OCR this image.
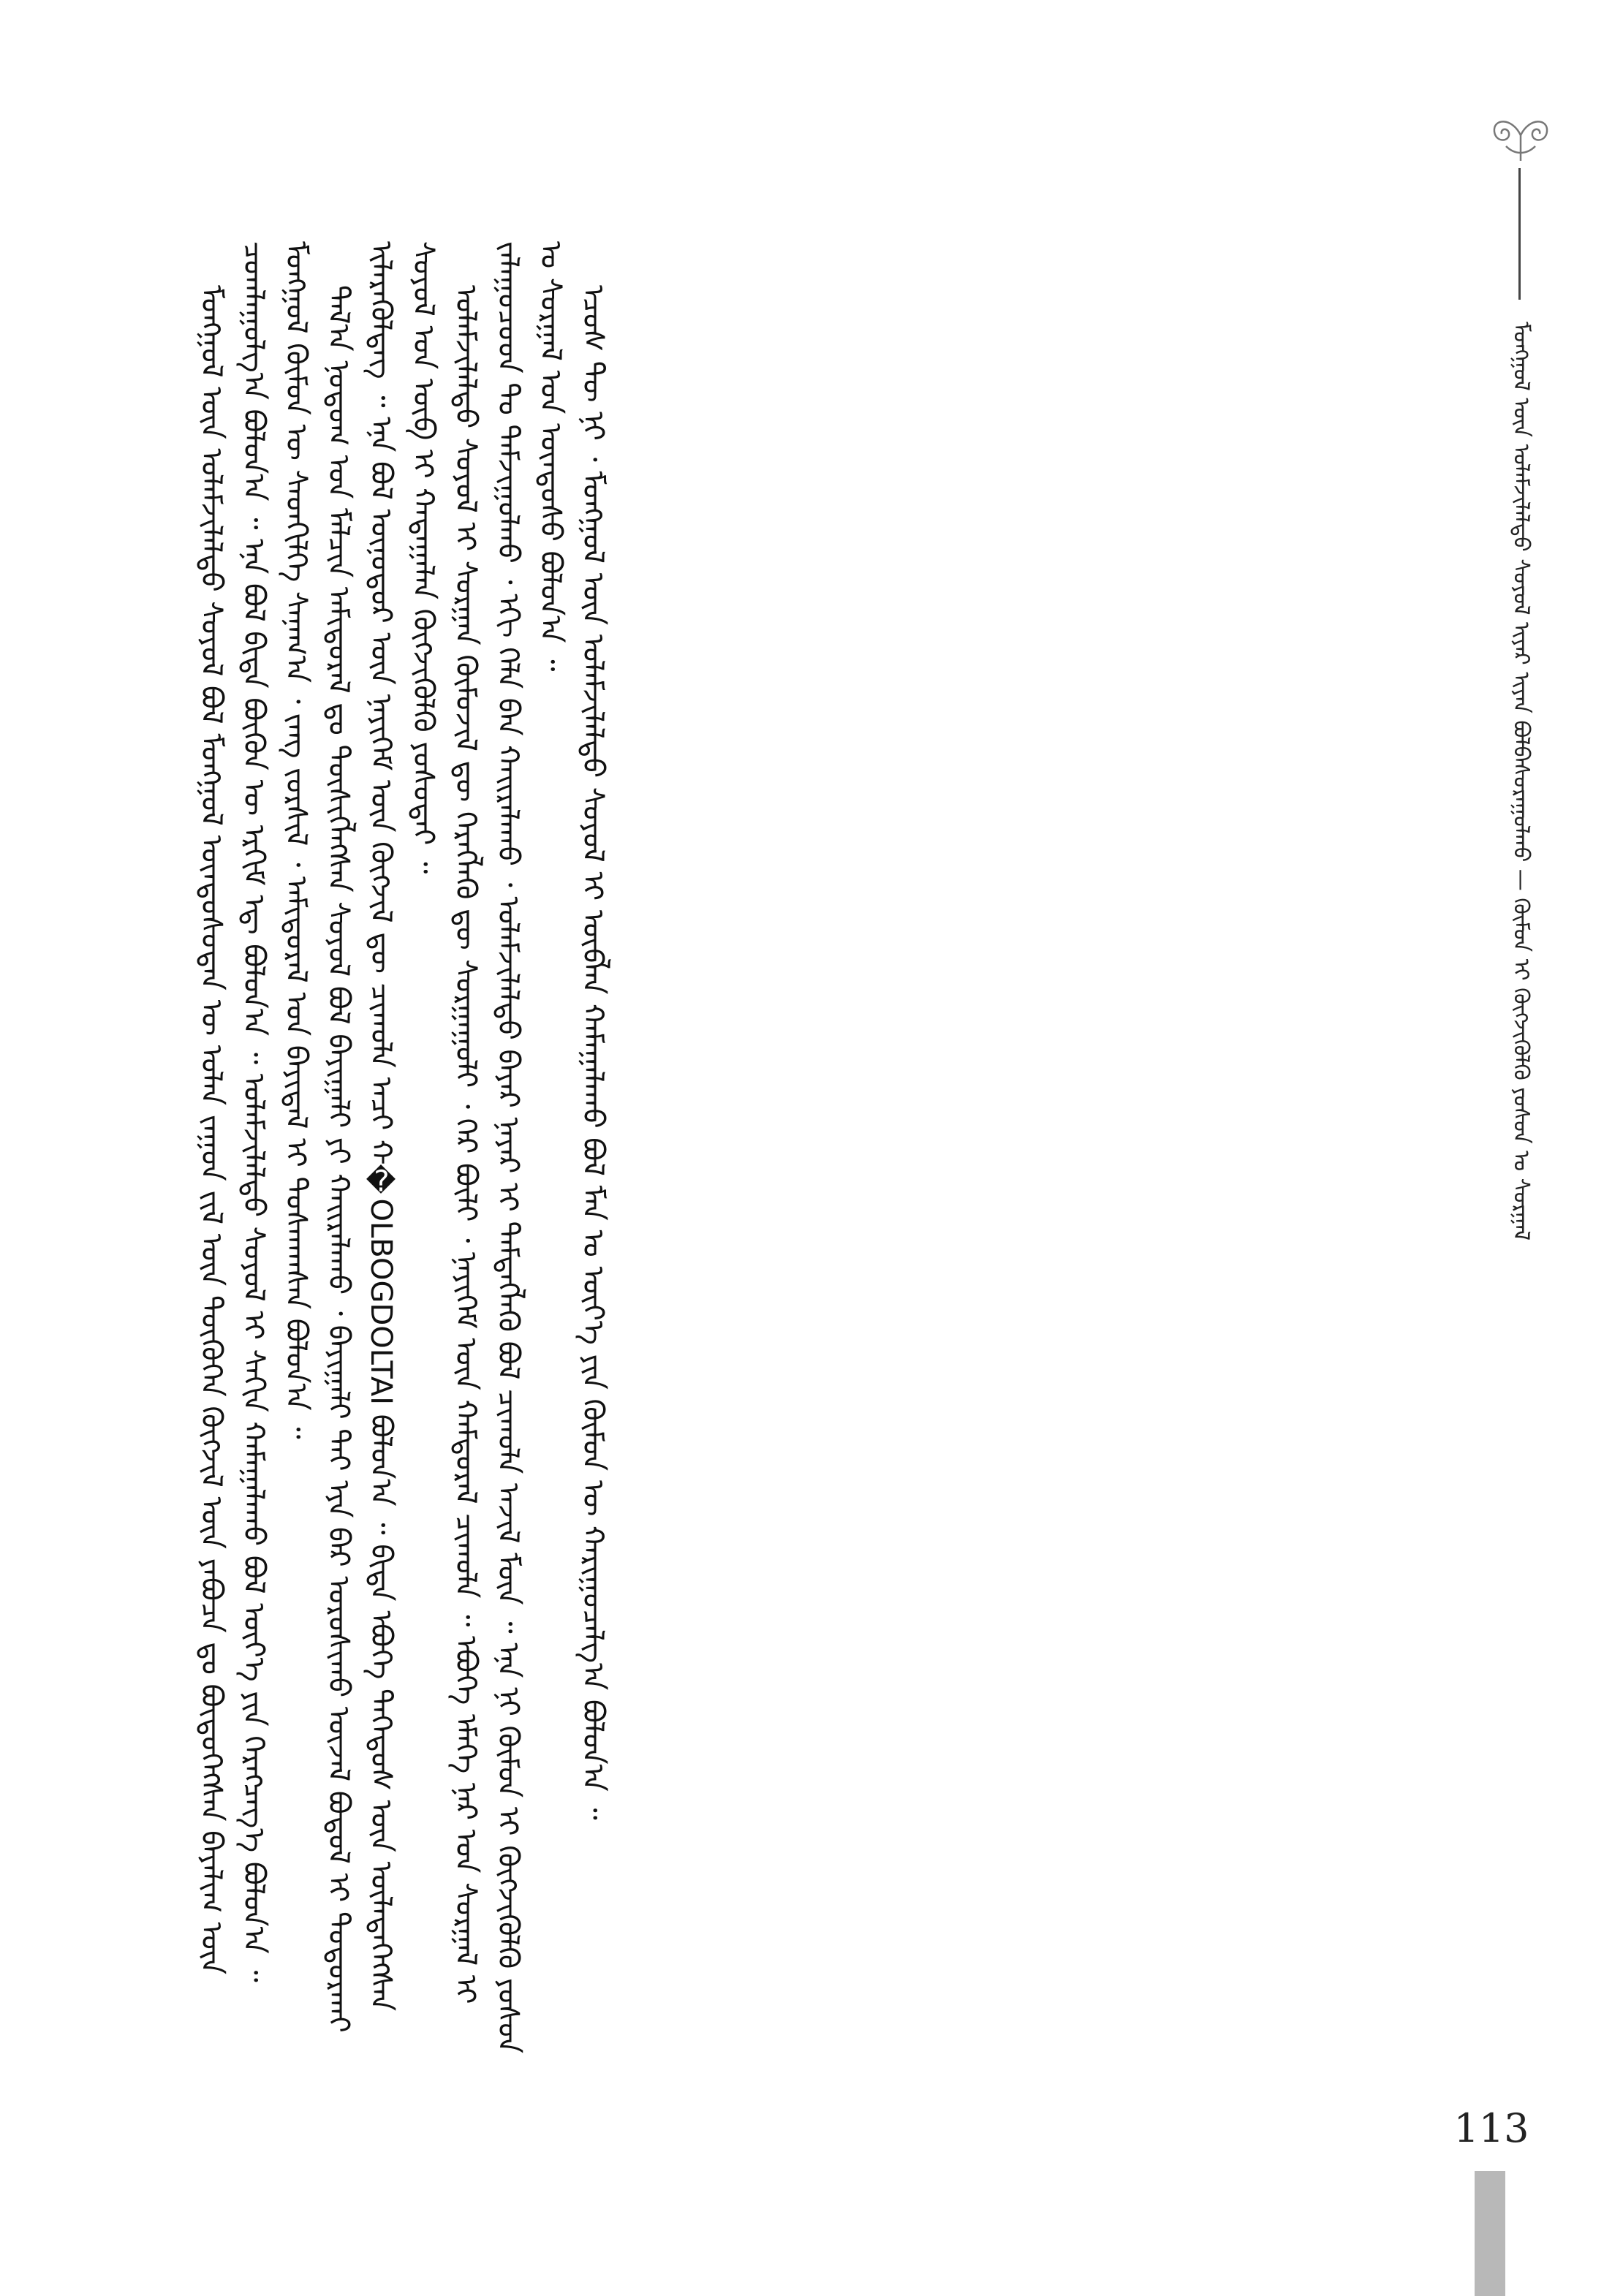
ᠮᠣᠩᠭᠣᠯ ᠦᠨ ᠤᠯᠠᠮᠵᠢᠯᠠᠯᠲᠤ ᠰᠣᠶᠣᠯ ᠢᠶᠠᠷ ᠢᠶᠠᠨ ᠪᠣᠯᠪᠠᠰᠤᠷᠠᠭᠤᠯᠬᠤ — ᠬᠦᠮᠦᠨ ᠢ ᠬᠥᠭᠵᠢᠭᠦᠯᠬᠦ ᠶᠣᠰᠣᠨ ᠤ ᠰᠤᠷᠭᠠᠯ

ᠮᠣᠩᠭᠣᠯ ᠦᠨ ᠤᠯᠠᠮᠵᠢᠯᠠᠯᠲᠤ ᠰᠣᠶᠣᠯ ᠪᠣᠯ ᠮᠣᠩᠭᠣᠯ ᠦᠨᠳᠦᠰᠦᠲᠡᠨ ᠦ ᠣᠯᠠᠨ ᠵᠠᠭᠤᠨ ᠵᠢᠯ ᠦᠨ ᠲᠦᠭᠦᠬᠡᠨ ᠬᠥᠭᠵᠢᠯ ᠦᠨ ᠶᠠᠪᠤᠴᠠ ᠳᠤ ᠪᠦᠲᠦᠭᠡᠭᠰᠡᠨ ᠪᠠᠶᠠᠯᠢᠭ ᠦᠨ ᠴᠤᠭᠯᠠᠭᠤᠯᠭ᠎ᠠ ᠪᠣᠯᠤᠨ᠎ᠠ ᠃ ᠡᠨᠡ ᠪᠣᠯ ᠪᠢᠳᠡ ᠪᠦᠬᠦᠨ ᠦ ᠡᠷᠬᠢᠮ ᠡᠳ᠋ ᠪᠣᠯᠤᠨ᠎ᠠ ᠃ ᠤᠯᠠᠮᠵᠢᠯᠠᠯᠲᠤ ᠰᠣᠶᠣᠯ ᠢ ᠰᠠᠬᠢᠨ ᠬᠠᠮᠠᠭᠠᠯᠠᠬᠤ ᠪᠣᠯ ᠦᠶ᠎ᠡ ᠶᠢᠨ ᠬᠡᠷᠡᠭᠴᠡᠭ᠎ᠡ ᠪᠣᠯᠤᠨ᠎ᠠ ᠃ ᠮᠣᠩᠭᠣᠯ ᠬᠦᠮᠦᠨ ᠦ ᠰᠡᠳᠬᠢᠯᠭᠡ ᠰᠠᠨᠠᠭ᠎ᠠ ᠂ ᠵᠠᠩ ᠵᠤᠷᠰᠢᠯ ᠂ ᠠᠮᠢᠳᠤᠷᠠᠯ ᠤᠨ ᠪᠠᠶᠢᠳᠠᠯ ᠢ ᠲᠤᠰᠬᠠᠭᠰᠠᠨ ᠪᠣᠯᠤᠨ᠎ᠠ ᠃ ᠲᠠᠯ᠎ᠠ ᠨᠤᠲᠤᠭ ᠤᠨ ᠮᠠᠯᠴᠢᠨ ᠠᠮᠢᠳᠤᠷᠠᠯ ᠳᠤ ᠲᠦᠰᠢᠭᠯᠡᠭᠰᠡᠨ ᠰᠣᠶᠣᠯ ᠪᠣᠯ ᠪᠠᠶᠢᠭᠠᠯᠢ ᠶᠢ ᠬᠠᠢᠷᠠᠯᠠᠬᠤ ᠂ ᠪᠠᠶᠢᠭᠠᠯᠢ ᠲᠠᠢ ᠡᠶᠡ ᠪᠡᠷ ᠣᠷᠣᠰᠢᠬᠤ ᠦᠵᠡᠯ ᠪᠣᠳᠤᠯ ᠢ ᠲᠤᠳᠤᠷᠬᠠᠢ ᠢᠯᠡᠷᠡᠭᠦᠯᠳᠡᠭ ᠃ ᠡᠨᠡ ᠪᠣᠯ ᠥᠨᠥᠳᠥᠷ ᠦᠨ ᠨᠡᠶᠢᠭᠡᠮ ᠦᠨ ᠬᠥᠭᠵᠢᠯ ᠳᠦ ᠴᠢᠬᠤᠯᠠ ᠠᠴᠢ ᠬ�OLBOGDOLTAI ᠪᠣᠯᠤᠨ᠎ᠠ ᠃ ᠪᠢᠳᠡ ᠡᠪᠦᠭᠡ ᠳᠡᠭᠡᠳᠦᠰ ᠦᠨ ᠦᠯᠡᠳᠡᠭᠡᠭᠰᠡᠨ ᠰᠣᠶᠣᠯ ᠤᠨ ᠥᠪ ᠢ ᠬᠠᠳᠠᠭᠠᠯᠠᠨ ᠬᠥᠭᠵᠢᠭᠦᠯᠬᠦ ᠶᠣᠰᠣᠲᠠᠢ ᠃ ᠤᠯᠠᠮᠵᠢᠯᠠᠯᠲᠤ ᠰᠣᠶᠣᠯ ᠢ ᠰᠤᠷᠭᠠᠨ ᠬᠥᠮᠦᠵᠢᠯ ᠳᠦ ᠬᠡᠷᠡᠭᠯᠡᠬᠦ ᠳᠦ ᠰᠤᠷᠭᠠᠭᠤᠯᠢ ᠂ ᠭᠡᠷ ᠪᠦᠯᠢ ᠂ ᠨᠡᠶᠢᠭᠡᠮ ᠦᠨ ᠬᠠᠮᠲᠤᠷᠠᠯ ᠴᠢᠬᠤᠯᠠ ᠃ ᠡᠪᠦᠭᠡ ᠡᠮᠡᠭᠡ ᠨᠠᠷ ᠤᠨ ᠰᠤᠷᠭᠠᠯ ᠢ ᠵᠠᠯᠠᠭᠤᠴᠤᠳ ᠲᠤ ᠳᠠᠮᠵᠢᠭᠤᠯᠬᠤ ᠂ ᠡᠬᠢ ᠬᠡᠯᠡ ᠪᠡᠨ ᠬᠠᠢᠷᠠᠯᠠᠬᠤ ᠂ ᠤᠯᠠᠮᠵᠢᠯᠠᠯᠲᠤ ᠪᠠᠶᠠᠷ ᠨᠠᠶᠠᠷ ᠢ ᠲᠡᠮᠳᠡᠭᠯᠡᠬᠦ ᠪᠣᠯ ᠴᠢᠬᠤᠯᠠ ᠠᠵᠢᠯ ᠮᠥᠨ ᠃ ᠡᠨᠡ ᠨᠢ ᠬᠦᠮᠦᠨ ᠢ ᠬᠥᠭᠵᠢᠭᠦᠯᠬᠦ ᠶᠣᠰᠣᠨ ᠤ ᠰᠤᠷᠭᠠᠯ ᠤᠨ ᠦᠨᠳᠦᠰᠦ ᠪᠣᠯᠤᠨ᠎ᠠ ᠃ ᠡᠴᠦᠰ ᠲᠦ ᠨᠢ ᠂ ᠮᠣᠩᠭᠣᠯ ᠦᠨ ᠤᠯᠠᠮᠵᠢᠯᠠᠯᠲᠤ ᠰᠣᠶᠣᠯ ᠢ ᠥᠪᠯᠡᠨ ᠬᠠᠮᠠᠭᠠᠯᠠᠬᠤ ᠪᠣᠯ ᠮᠠᠨ ᠤ ᠦᠶ᠎ᠡ ᠶᠢᠨ ᠬᠦᠮᠦᠨ ᠦ ᠬᠠᠷᠢᠭᠤᠴᠠᠯᠭ᠎ᠠ ᠪᠣᠯᠤᠨ᠎ᠠ ᠃

113
